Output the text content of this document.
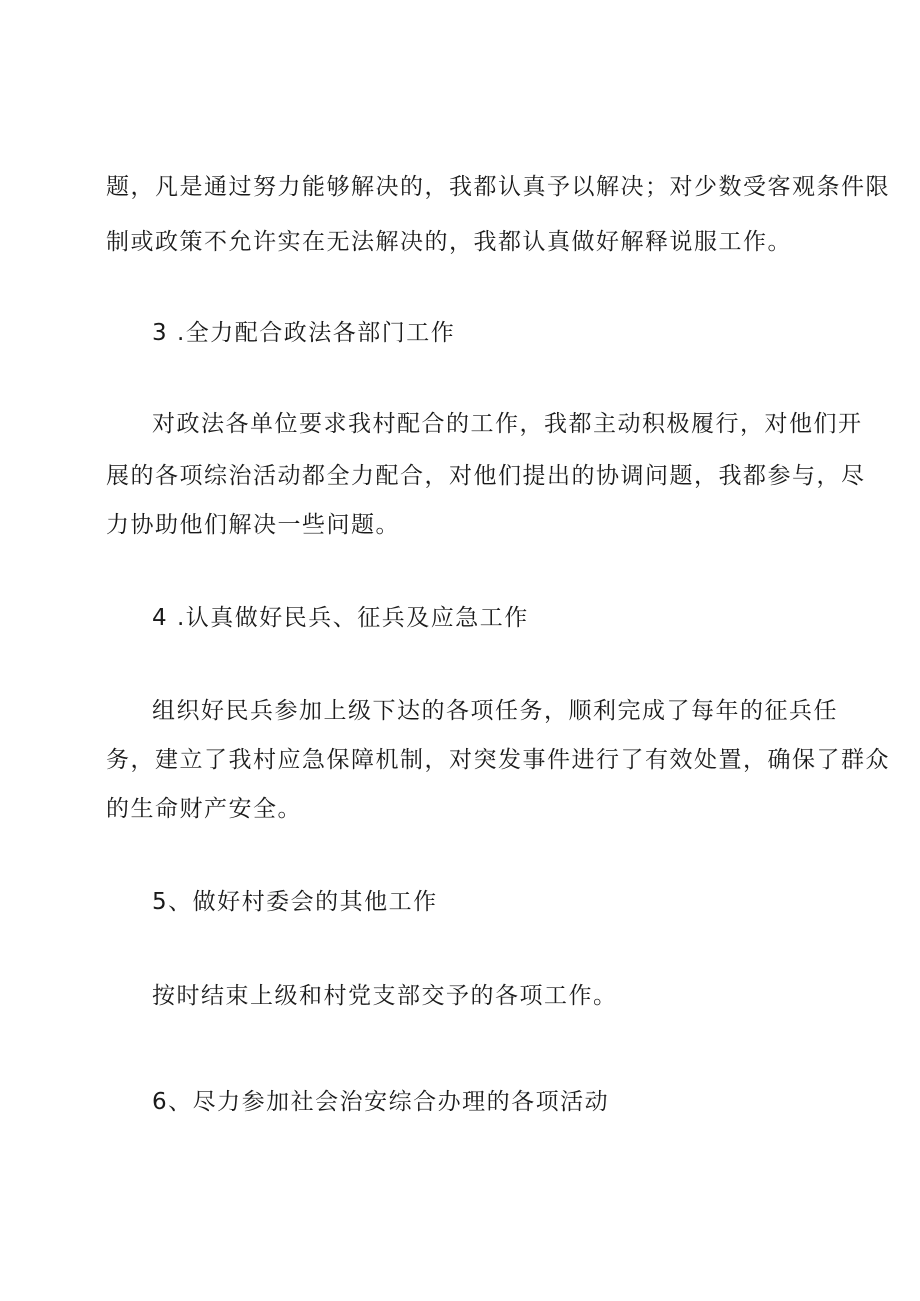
题，凡是通过努力能够解决的，我都认真予以解决；对少数受客观条件限
制或政策不允许实在无法解决的，我都认真做好解释说服工作。
3 .全力配合政法各部门工作
对政法各单位要求我村配合的工作，我都主动积极履行，对他们开
展的各项综治活动都全力配合，对他们提出的协调问题，我都参与，尽
力协助他们解决一些问题。
4 .认真做好民兵、征兵及应急工作
组织好民兵参加上级下达的各项任务，顺利完成了每年的征兵任
务，建立了我村应急保障机制，对突发事件进行了有效处置，确保了群众
的生命财产安全。
5、做好村委会的其他工作
按时结束上级和村党支部交予的各项工作。
6、尽力参加社会治安综合办理的各项活动
